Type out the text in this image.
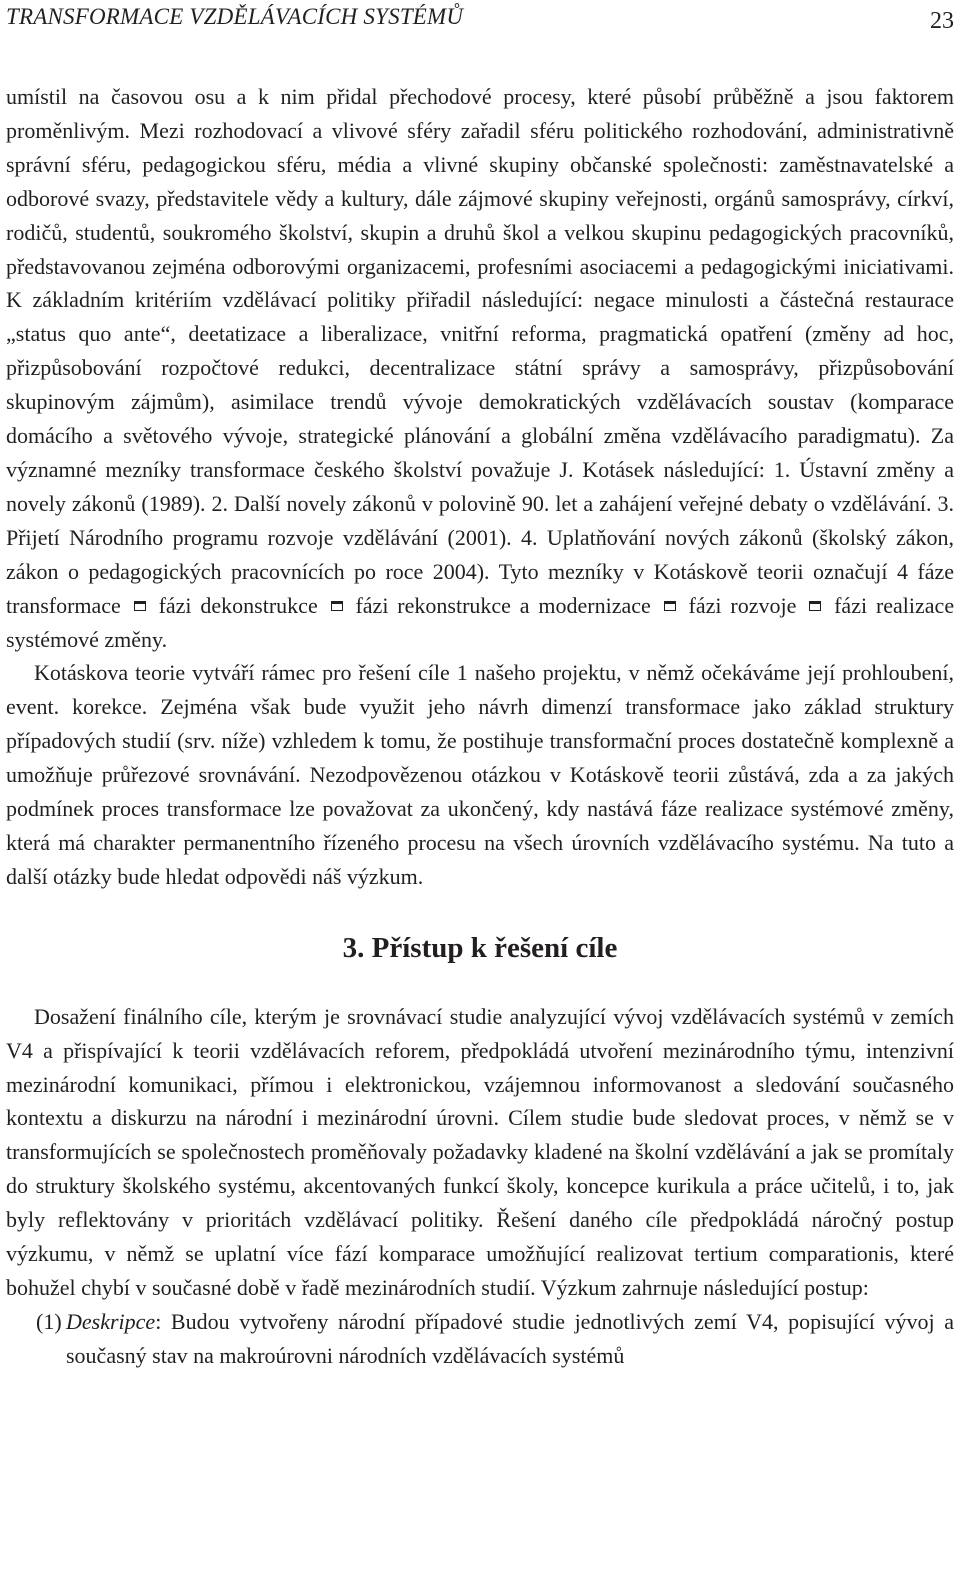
TRANSFORMACE VZDĚLÁVACÍCH SYSTÉMŮ	23

umístil na časovou osu a k nim přidal přechodové procesy, které působí průběžně a jsou faktorem proměnlivým. Mezi rozhodovací a vlivové sféry zařadil sféru politického rozhodování, administrativně správní sféru, pedagogickou sféru, média a vlivné skupiny občanské společnosti: zaměstnavatelské a odborové svazy, představitele vědy a kultury, dále zájmové skupiny veřejnosti, orgánů samosprávy, církví, rodičů, studentů, soukromého školství, skupin a druhů škol a velkou skupinu pedagogických pracovníků, představovanou zejména odborovými organizacemi, profesními asociacemi a pedagogickými iniciativami. K základním kritériím vzdělávací politiky přiřadil následující: negace minulosti a částečná restaurace „status quo ante“, deetatizace a liberalizace, vnitřní reforma, pragmatická opatření (změny ad hoc, přizpůsobování rozpočtové redukci, decentralizace státní správy a samosprávy, přizpůsobování skupinovým zájmům), asimilace trendů vývoje demokratických vzdělávacích soustav (komparace domácího a světového vývoje, strategické plánování a globální změna vzdělávacího paradigmatu). Za významné mezníky transformace českého školství považuje J. Kotásek následující: 1. Ústavní změny a novely zákonů (1989). 2. Další novely zákonů v polovině 90. let a zahájení veřejné debaty o vzdělávání. 3. Přijetí Národního programu rozvoje vzdělávání (2001). 4. Uplatňování nových zákonů (školský zákon, zákon o pedagogických pracovnících po roce 2004). Tyto mezníky v Kotáskově teorii označují 4 fáze transformace fázi dekonstrukce fázi rekonstrukce a modernizace fázi rozvoje fázi realizace systémové změny.

Kotáskova teorie vytváří rámec pro řešení cíle 1 našeho projektu, v němž očekáváme její prohloubení, event. korekce. Zejména však bude využit jeho návrh dimenzí transformace jako základ struktury případových studií (srv. níže) vzhledem k tomu, že postihuje transformační proces dostatečně komplexně a umožňuje průřezové srovnávání. Nezodpovězenou otázkou v Kotáskově teorii zůstává, zda a za jakých podmínek proces transformace lze považovat za ukončený, kdy nastává fáze realizace systémové změny, která má charakter permanentního řízeného procesu na všech úrovních vzdělávacího systému. Na tuto a další otázky bude hledat odpovědi náš výzkum.

3. Přístup k řešení cíle

Dosažení finálního cíle, kterým je srovnávací studie analyzující vývoj vzdělávacích systémů v zemích V4 a přispívající k teorii vzdělávacích reforem, předpokládá utvoření mezinárodního týmu, intenzivní mezinárodní komunikaci, přímou i elektronickou, vzájemnou informovanost a sledování současného kontextu a diskurzu na národní i mezinárodní úrovni. Cílem studie bude sledovat proces, v němž se v transformujících se společnostech proměňovaly požadavky kladené na školní vzdělávání a jak se promítaly do struktury školského systému, akcentovaných funkcí školy, koncepce kurikula a práce učitelů, i to, jak byly reflektovány v prioritách vzdělávací politiky. Řešení daného cíle předpokládá náročný postup výzkumu, v němž se uplatní více fází komparace umožňující realizovat tertium comparationis, které bohužel chybí v současné době v řadě mezinárodních studií. Výzkum zahrnuje následující postup:

(1) Deskripce: Budou vytvořeny národní případové studie jednotlivých zemí V4, popisující vývoj a současný stav na makroúrovni národních vzdělávacích systémů
